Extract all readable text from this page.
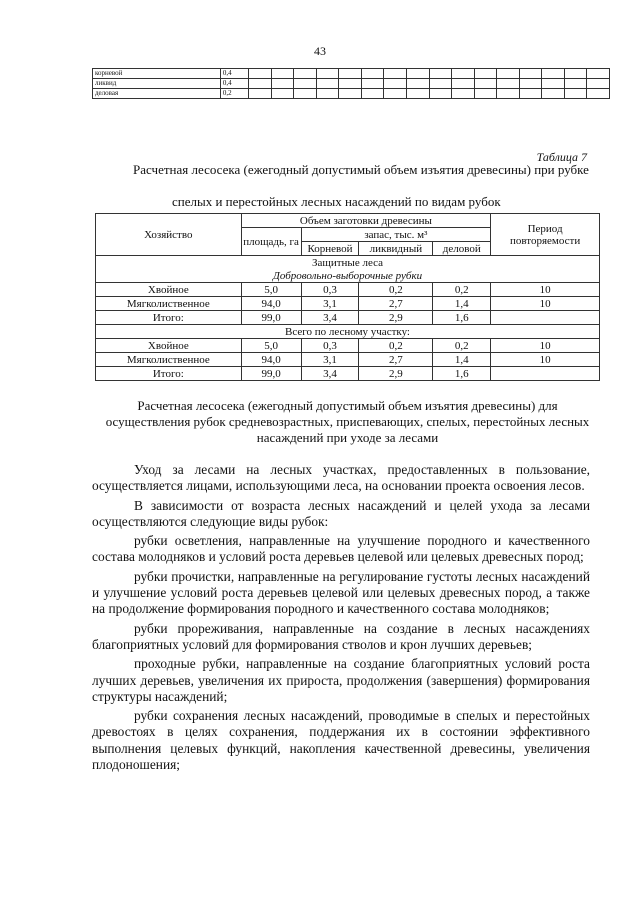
43
корневой	0,4																
ликвид	0,4																
деловая	0,2																
Таблица 7
Расчетная лесосека (ежегодный допустимый объем изъятия древесины) при рубке
спелых и перестойных лесных насаждений по видам рубок
Хозяйство	Объем заготовки древесины				Период повторяемости
	площадь, га	запас, тыс. м³			
		Корневой	ликвидный	деловой	
Защитные леса					
Добровольно-выборочные рубки					
Хвойное	5,0	0,3	0,2	0,2	10
Мягколиственное	94,0	3,1	2,7	1,4	10
Итого:	99,0	3,4	2,9	1,6	
Всего по лесному участку:					
Хвойное	5,0	0,3	0,2	0,2	10
Мягколиственное	94,0	3,1	2,7	1,4	10
Итого:	99,0	3,4	2,9	1,6	
Расчетная лесосека (ежегодный допустимый объем изъятия древесины) для осуществления рубок средневозрастных, приспевающих, спелых, перестойных лесных насаждений при уходе за лесами

Уход за лесами на лесных участках, предоставленных в пользование, осуществляется лицами, использующими леса, на основании проекта освоения лесов.

В зависимости от возраста лесных насаждений и целей ухода за лесами осуществляются следующие виды рубок:

рубки осветления, направленные на улучшение породного и качественного состава молодняков и условий роста деревьев целевой или целевых древесных пород;

рубки прочистки, направленные на регулирование густоты лесных насаждений и улучшение условий роста деревьев целевой или целевых древесных пород, а также на продолжение формирования породного и качественного состава молодняков;

рубки прореживания, направленные на создание в лесных насаждениях благоприятных условий для формирования стволов и крон лучших деревьев;

проходные рубки, направленные на создание благоприятных условий роста лучших деревьев, увеличения их прироста, продолжения (завершения) формирования структуры насаждений;

рубки сохранения лесных насаждений, проводимые в спелых и перестойных древостоях в целях сохранения, поддержания их в состоянии эффективного выполнения целевых функций, накопления качественной древесины, увеличения плодоношения;
